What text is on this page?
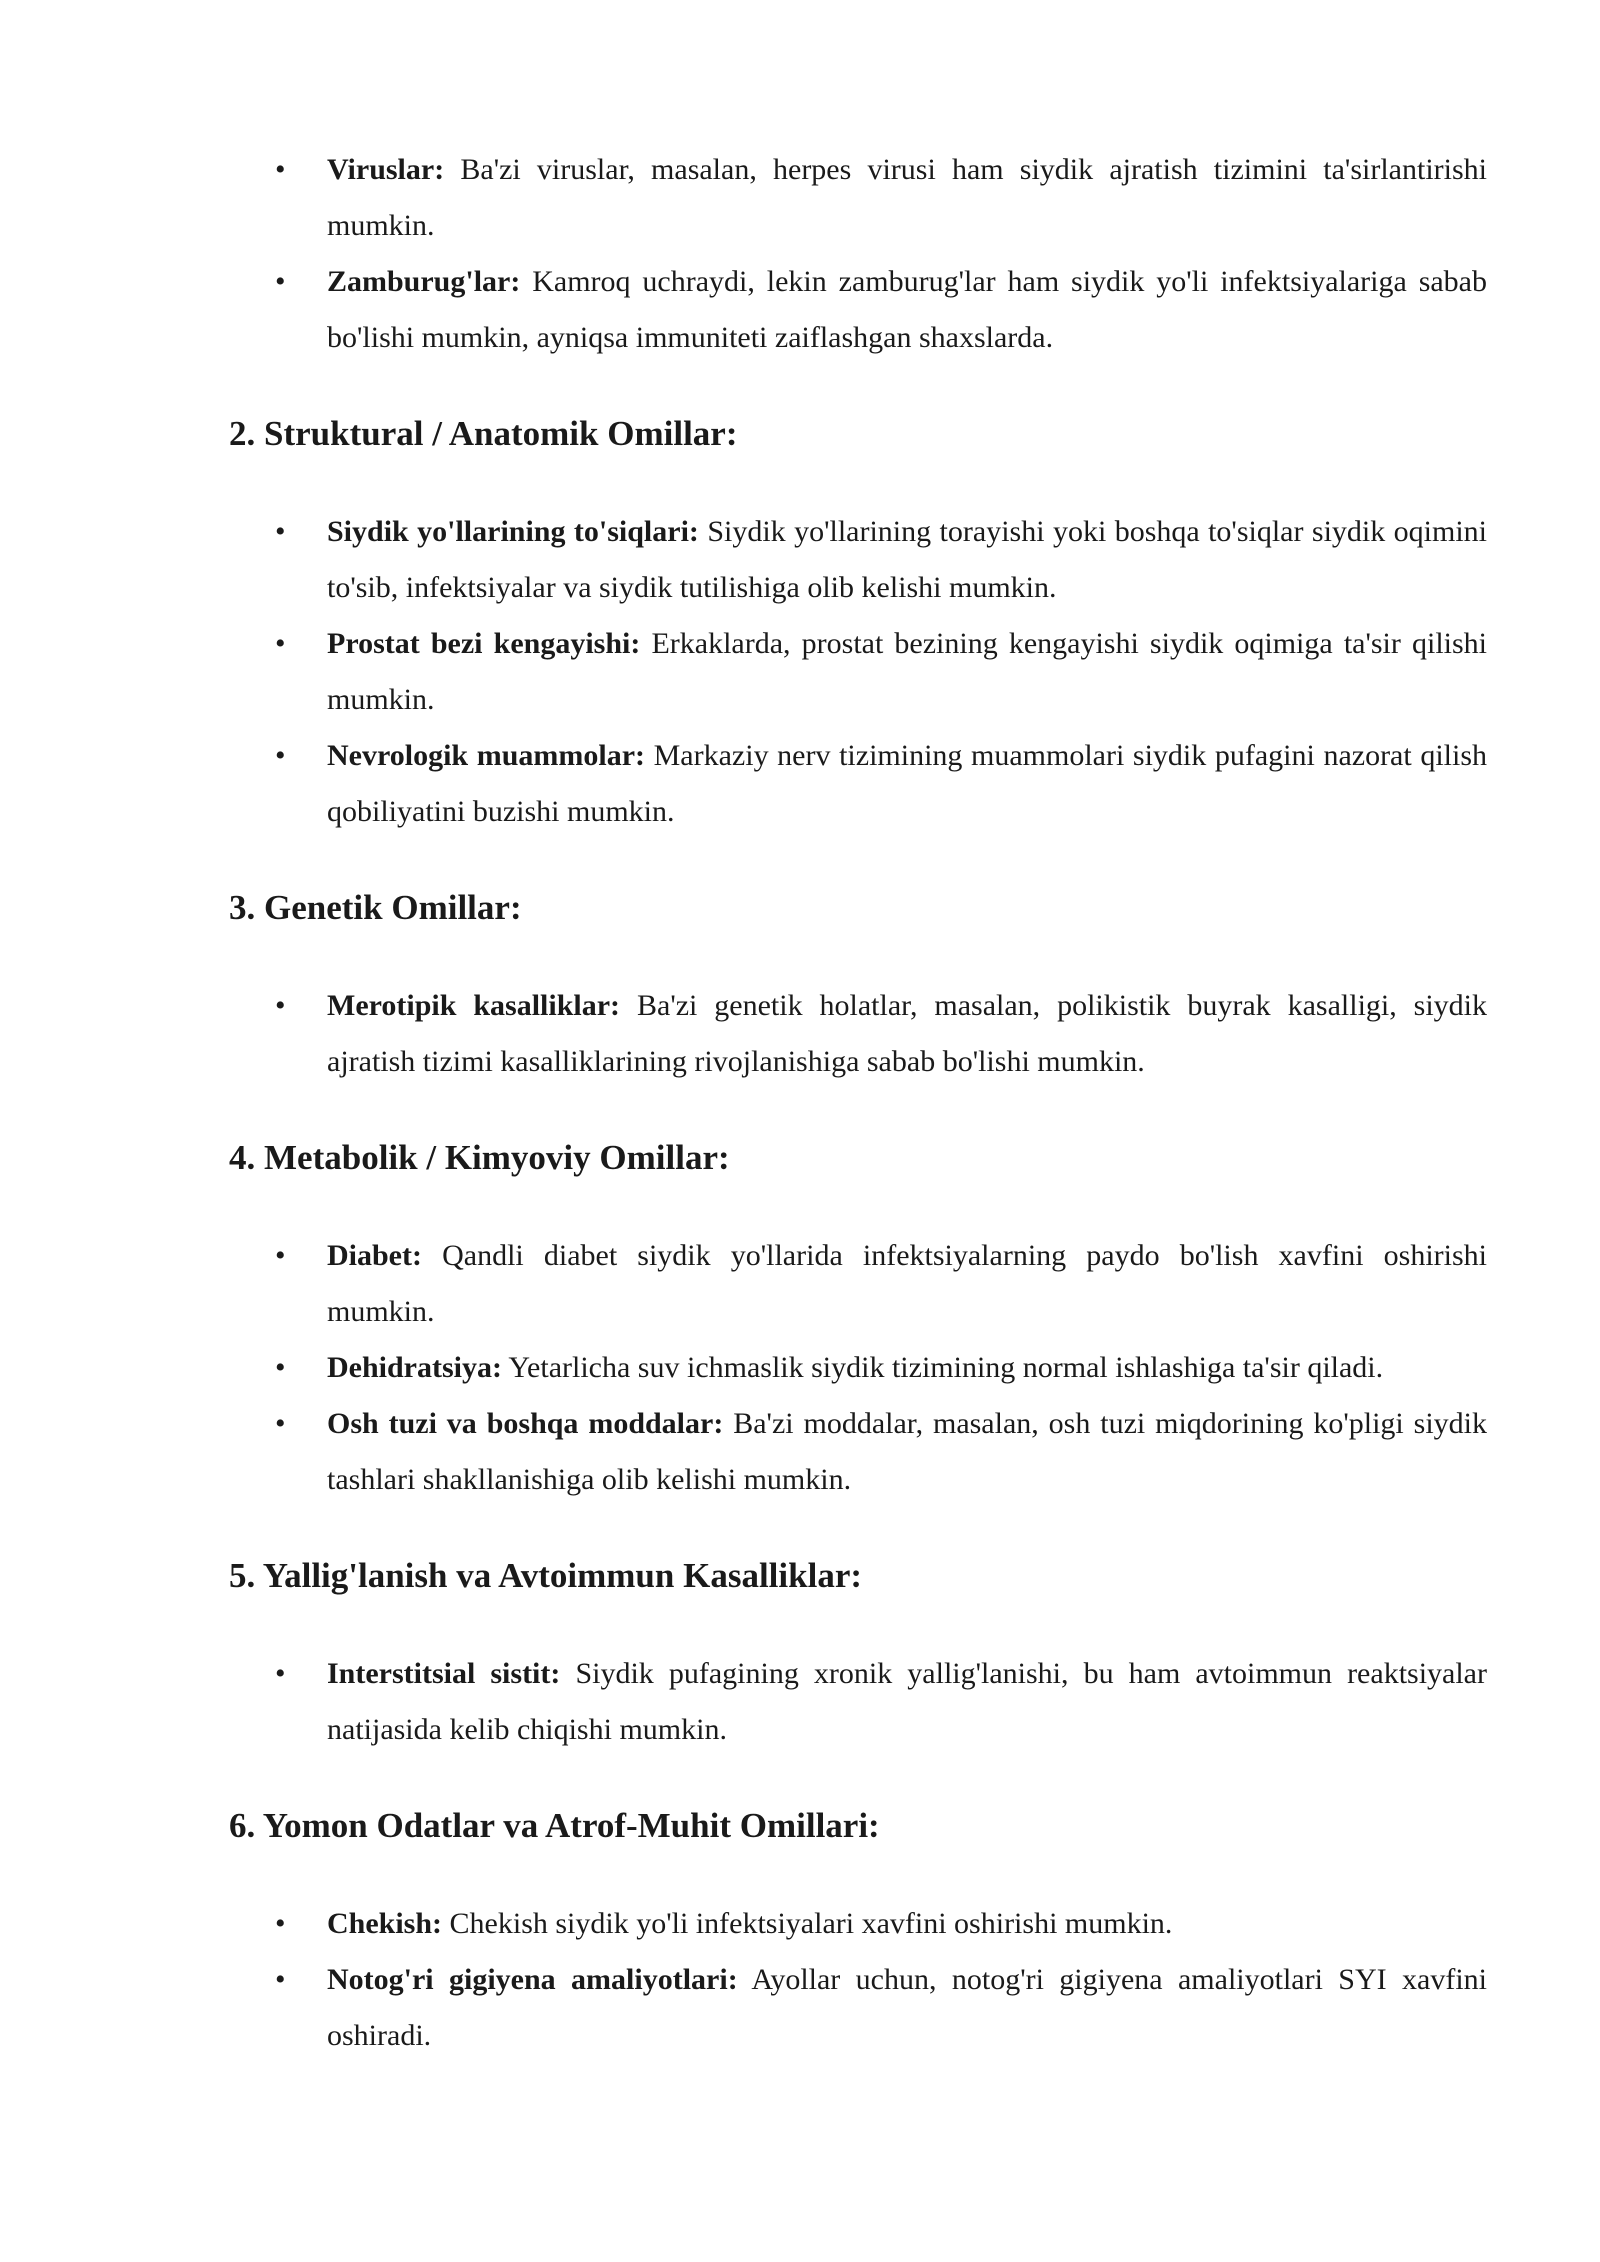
• Viruslar: Ba'zi viruslar, masalan, herpes virusi ham siydik ajratish tizimini ta'sirlantirishi mumkin.
• Zamburug'lar: Kamroq uchraydi, lekin zamburug'lar ham siydik yo'li infektsiyalariga sabab bo'lishi mumkin, ayniqsa immuniteti zaiflashgan shaxslarda.
2. Struktural / Anatomik Omillar:
• Siydik yo'llarining to'siqlari: Siydik yo'llarining torayishi yoki boshqa to'siqlar siydik oqimini to'sib, infektsiyalar va siydik tutilishiga olib kelishi mumkin.
• Prostat bezi kengayishi: Erkaklarda, prostat bezining kengayishi siydik oqimiga ta'sir qilishi mumkin.
• Nevrologik muammolar: Markaziy nerv tizimining muammolari siydik pufagini nazorat qilish qobiliyatini buzishi mumkin.
3. Genetik Omillar:
• Merotipik kasalliklar: Ba'zi genetik holatlar, masalan, polikistik buyrak kasalligi, siydik ajratish tizimi kasalliklarining rivojlanishiga sabab bo'lishi mumkin.
4. Metabolik / Kimyoviy Omillar:
• Diabet: Qandli diabet siydik yo'llarida infektsiyalarning paydo bo'lish xavfini oshirishi mumkin.
• Dehidratsiya: Yetarlicha suv ichmaslik siydik tizimining normal ishlashiga ta'sir qiladi.
• Osh tuzi va boshqa moddalar: Ba'zi moddalar, masalan, osh tuzi miqdorining ko'pligi siydik tashlari shakllanishiga olib kelishi mumkin.
5. Yallig'lanish va Avtoimmun Kasalliklar:
• Interstitsial sistit: Siydik pufagining xronik yallig'lanishi, bu ham avtoimmun reaktsiyalar natijasida kelib chiqishi mumkin.
6. Yomon Odatlar va Atrof-Muhit Omillari:
• Chekish: Chekish siydik yo'li infektsiyalari xavfini oshirishi mumkin.
• Notog'ri gigiyena amaliyotlari: Ayollar uchun, notog'ri gigiyena amaliyotlari SYI xavfini oshiradi.
